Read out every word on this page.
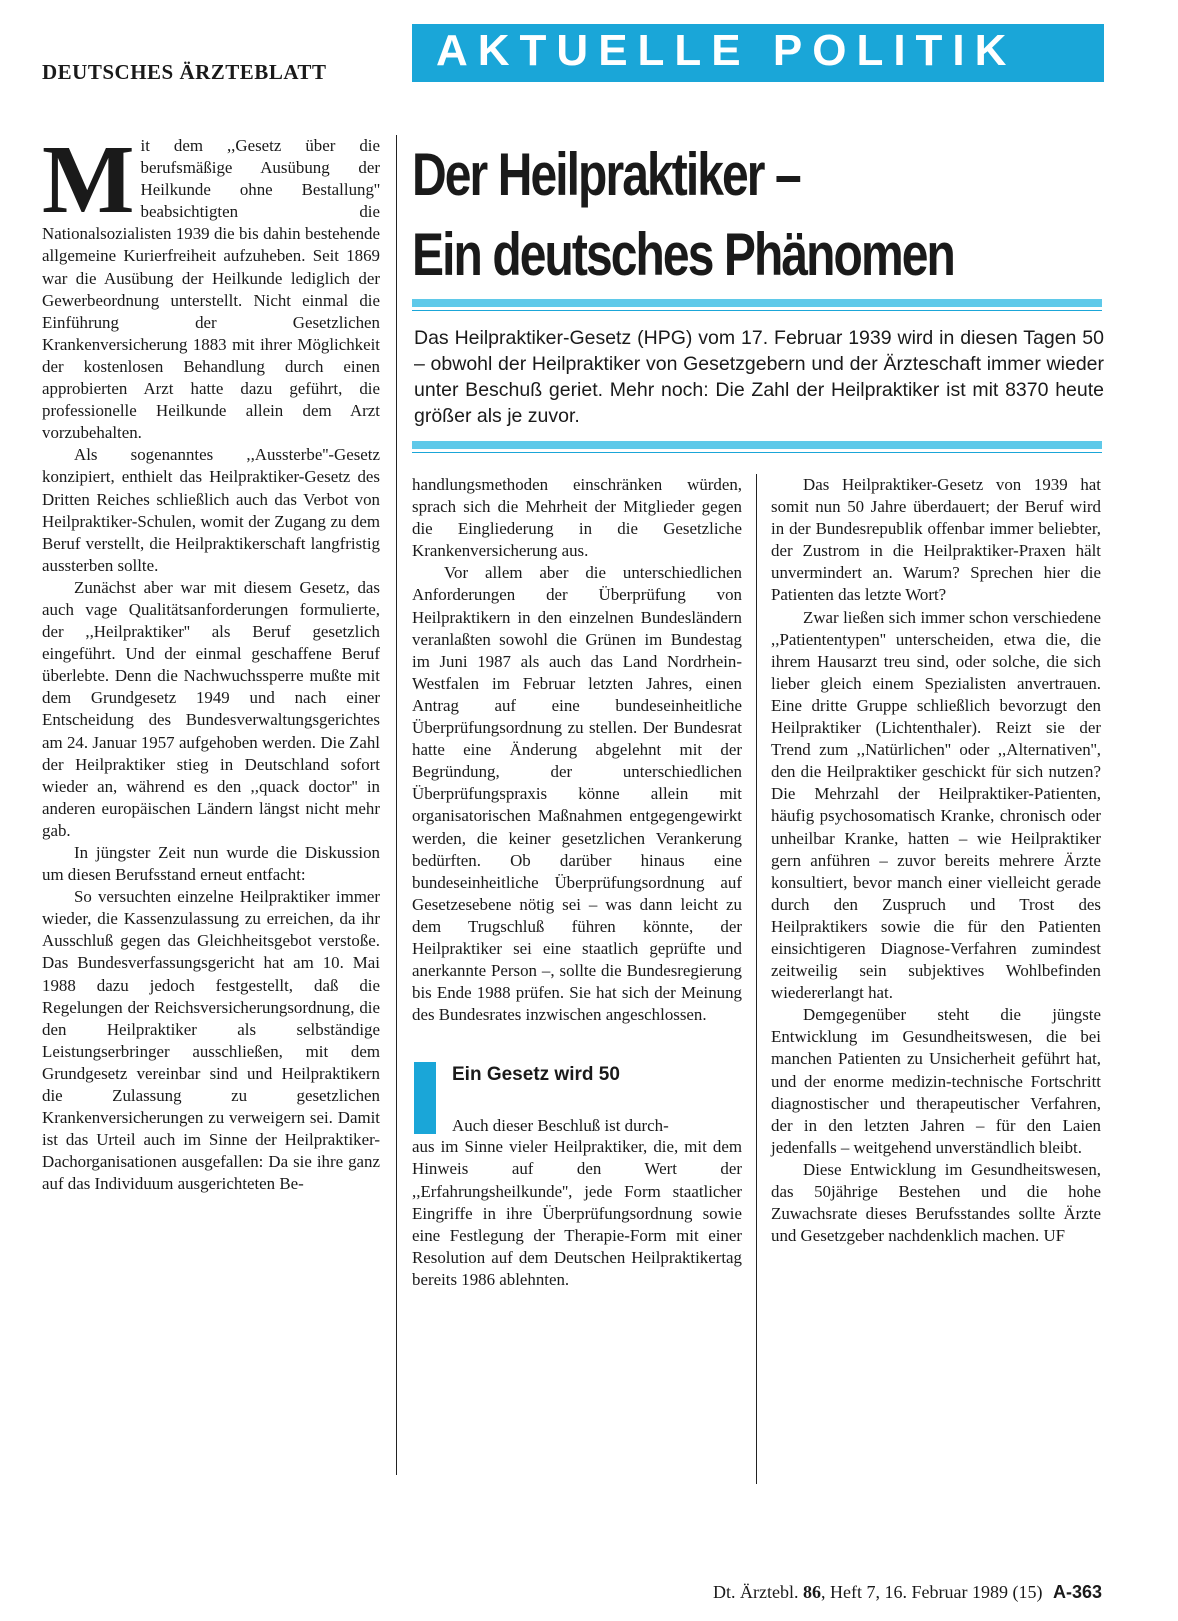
DEUTSCHES ÄRZTEBLATT AKTUELLE POLITIK
Der Heilpraktiker –
Ein deutsches Phänomen
Das Heilpraktiker-Gesetz (HPG) vom 17. Februar 1939 wird in diesen Tagen 50 – obwohl der Heilpraktiker von Gesetzgebern und der Ärzteschaft immer wieder unter Beschuß geriet. Mehr noch: Die Zahl der Heilpraktiker ist mit 8370 heute größer als je zuvor.

Mit dem ,,Gesetz über die berufsmäßige Ausübung der Heilkunde ohne Bestallung'' beabsichtigten die Nationalsozialisten 1939 die bis dahin bestehende allgemeine Kurierfreiheit aufzuheben. Seit 1869 war die Ausübung der Heilkunde lediglich der Gewerbeordnung unterstellt. Nicht einmal die Einführung der Gesetzlichen Krankenversicherung 1883 mit ihrer Möglichkeit der kostenlosen Behandlung durch einen approbierten Arzt hatte dazu geführt, die professionelle Heilkunde allein dem Arzt vorzubehalten.

Als sogenanntes ,,Aussterbe''-Gesetz konzipiert, enthielt das Heilpraktiker-Gesetz des Dritten Reiches schließlich auch das Verbot von Heilpraktiker-Schulen, womit der Zugang zu dem Beruf verstellt, die Heilpraktikerschaft langfristig aussterben sollte.

Zunächst aber war mit diesem Gesetz, das auch vage Qualitätsanforderungen formulierte, der ,,Heilpraktiker'' als Beruf gesetzlich eingeführt. Und der einmal geschaffene Beruf überlebte. Denn die Nachwuchssperre mußte mit dem Grundgesetz 1949 und nach einer Entscheidung des Bundesverwaltungsgerichtes am 24. Januar 1957 aufgehoben werden. Die Zahl der Heilpraktiker stieg in Deutschland sofort wieder an, während es den ,,quack doctor'' in anderen europäischen Ländern längst nicht mehr gab.

In jüngster Zeit nun wurde die Diskussion um diesen Berufsstand erneut entfacht:

So versuchten einzelne Heilpraktiker immer wieder, die Kassenzulassung zu erreichen, da ihr Ausschluß gegen das Gleichheitsgebot verstoße. Das Bundesverfassungsgericht hat am 10. Mai 1988 dazu jedoch festgestellt, daß die Regelungen der Reichsversicherungsordnung, die den Heilpraktiker als selbständige Leistungserbringer ausschließen, mit dem Grundgesetz vereinbar sind und Heilpraktikern die Zulassung zu gesetzlichen Krankenversicherungen zu verweigern sei. Damit ist das Urteil auch im Sinne der Heilpraktiker-Dachorganisationen ausgefallen: Da sie ihre ganz auf das Individuum ausgerichteten Be-

handlungsmethoden einschränken würden, sprach sich die Mehrheit der Mitglieder gegen die Eingliederung in die Gesetzliche Krankenversicherung aus.

Vor allem aber die unterschiedlichen Anforderungen der Überprüfung von Heilpraktikern in den einzelnen Bundesländern veranlaßten sowohl die Grünen im Bundestag im Juni 1987 als auch das Land Nordrhein-Westfalen im Februar letzten Jahres, einen Antrag auf eine bundeseinheitliche Überprüfungsordnung zu stellen. Der Bundesrat hatte eine Änderung abgelehnt mit der Begründung, der unterschiedlichen Überprüfungspraxis könne allein mit organisatorischen Maßnahmen entgegengewirkt werden, die keiner gesetzlichen Verankerung bedürften. Ob darüber hinaus eine bundeseinheitliche Überprüfungsordnung auf Gesetzesebene nötig sei – was dann leicht zu dem Trugschluß führen könnte, der Heilpraktiker sei eine staatlich geprüfte und anerkannte Person –, sollte die Bundesregierung bis Ende 1988 prüfen. Sie hat sich der Meinung des Bundesrates inzwischen angeschlossen.

Ein Gesetz wird 50
Auch dieser Beschluß ist durch-

aus im Sinne vieler Heilpraktiker, die, mit dem Hinweis auf den Wert der ,,Erfahrungsheilkunde'', jede Form staatlicher Eingriffe in ihre Überprüfungsordnung sowie eine Festlegung der Therapie-Form mit einer Resolution auf dem Deutschen Heilpraktikertag bereits 1986 ablehnten.

Das Heilpraktiker-Gesetz von 1939 hat somit nun 50 Jahre überdauert; der Beruf wird in der Bundesrepublik offenbar immer beliebter, der Zustrom in die Heilpraktiker-Praxen hält unvermindert an. Warum? Sprechen hier die Patienten das letzte Wort?

Zwar ließen sich immer schon verschiedene ,,Patiententypen'' unterscheiden, etwa die, die ihrem Hausarzt treu sind, oder solche, die sich lieber gleich einem Spezialisten anvertrauen. Eine dritte Gruppe schließlich bevorzugt den Heilpraktiker (Lichtenthaler). Reizt sie der Trend zum ,,Natürlichen'' oder ,,Alternativen'', den die Heilpraktiker geschickt für sich nutzen? Die Mehrzahl der Heilpraktiker-Patienten, häufig psychosomatisch Kranke, chronisch oder unheilbar Kranke, hatten – wie Heilpraktiker gern anführen – zuvor bereits mehrere Ärzte konsultiert, bevor manch einer vielleicht gerade durch den Zuspruch und Trost des Heilpraktikers sowie die für den Patienten einsichtigeren Diagnose-Verfahren zumindest zeitweilig sein subjektives Wohlbefinden wiedererlangt hat.

Demgegenüber steht die jüngste Entwicklung im Gesundheitswesen, die bei manchen Patienten zu Unsicherheit geführt hat, und der enorme medizin-technische Fortschritt diagnostischer und therapeutischer Verfahren, der in den letzten Jahren – für den Laien jedenfalls – weitgehend unverständlich bleibt.

Diese Entwicklung im Gesundheitswesen, das 50jährige Bestehen und die hohe Zuwachsrate dieses Berufsstandes sollte Ärzte und Gesetzgeber nachdenklich machen. UF

Dt. Ärztebl. 86, Heft 7, 16. Februar 1989 (15) A-363
